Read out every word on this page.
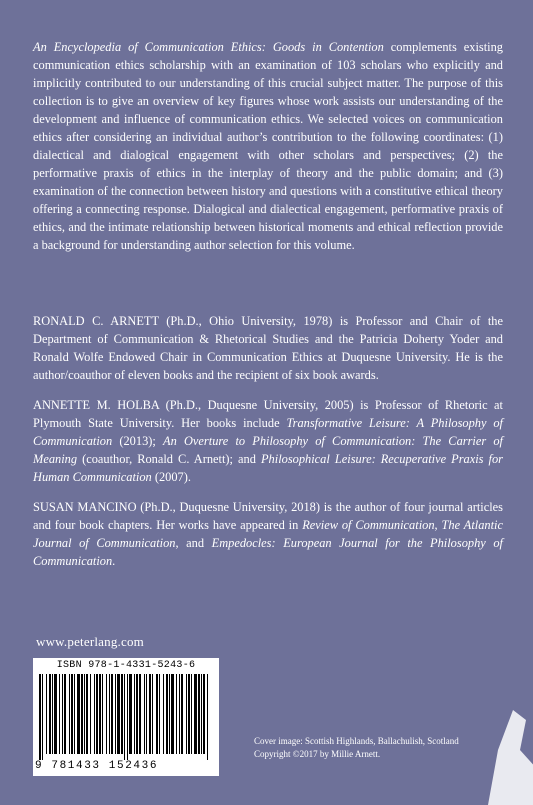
An Encyclopedia of Communication Ethics: Goods in Contention complements existing communication ethics scholarship with an examination of 103 scholars who explicitly and implicitly contributed to our understanding of this crucial subject matter. The purpose of this collection is to give an overview of key figures whose work assists our understanding of the development and influence of communication ethics. We selected voices on communication ethics after considering an individual author’s contribution to the following coordinates: (1) dialectical and dialogical engagement with other scholars and perspectives; (2) the performative praxis of ethics in the interplay of theory and the public domain; and (3) examination of the connection between history and questions with a constitutive ethical theory offering a connecting response. Dialogical and dialectical engagement, performative praxis of ethics, and the intimate relationship between historical moments and ethical reflection provide a background for understanding author selection for this volume.

RONALD C. ARNETT (Ph.D., Ohio University, 1978) is Professor and Chair of the Department of Communication & Rhetorical Studies and the Patricia Doherty Yoder and Ronald Wolfe Endowed Chair in Communication Ethics at Duquesne University. He is the author/coauthor of eleven books and the recipient of six book awards.

ANNETTE M. HOLBA (Ph.D., Duquesne University, 2005) is Professor of Rhetoric at Plymouth State University. Her books include Transformative Leisure: A Philosophy of Communication (2013); An Overture to Philosophy of Communication: The Carrier of Meaning (coauthor, Ronald C. Arnett); and Philosophical Leisure: Recuperative Praxis for Human Communication (2007).

SUSAN MANCINO (Ph.D., Duquesne University, 2018) is the author of four journal articles and four book chapters. Her works have appeared in Review of Communication, The Atlantic Journal of Communication, and Empedocles: European Journal for the Philosophy of Communication.

www.peterlang.com
ISBN 978-1-4331-5243-6
9 781433 152436
Cover image: Scottish Highlands, Ballachulish, Scotland
Copyright ©2017 by Millie Arnett.
